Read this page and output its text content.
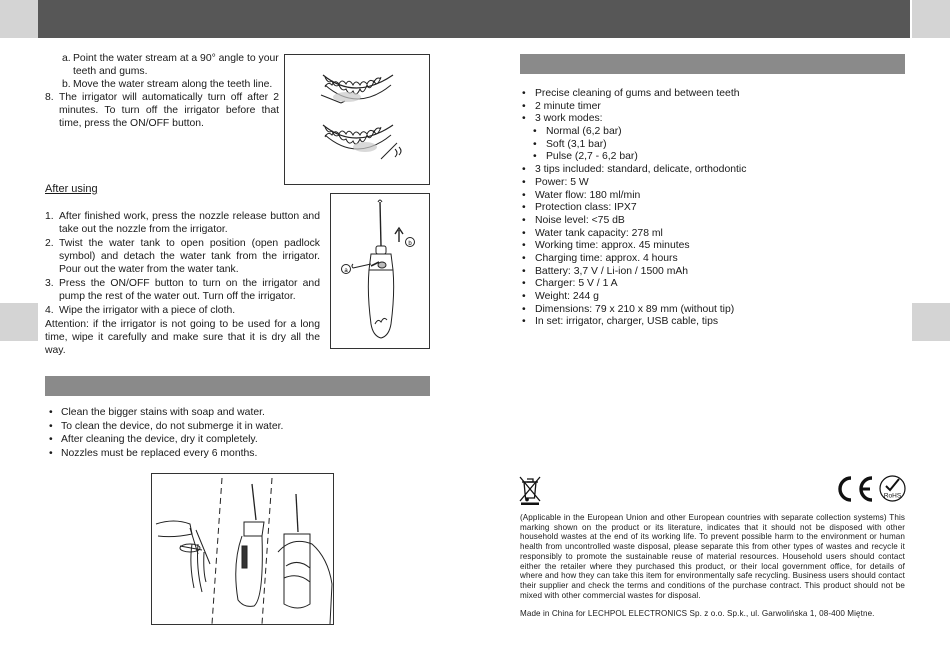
a. Point the water stream at a 90° angle to your teeth and gums.
b. Move the water stream along the teeth line.
8. The irrigator will automatically turn off after 2 minutes. To turn off the irrigator before that time, press the ON/OFF button.
After using
1. After finished work, press the nozzle release button and take out the nozzle from the irrigator.
2. Twist the water tank to open position (open padlock symbol) and detach the water tank from the irrigator. Pour out the water from the water tank.
3. Press the ON/OFF button to turn on the irrigator and pump the rest of the water out. Turn off the irrigator.
4. Wipe the irrigator with a piece of cloth.
Attention: if the irrigator is not going to be used for a long time, wipe it carefully and make sure that it is dry all the way.
b
a
• Clean the bigger stains with soap and water.
• To clean the device, do not submerge it in water.
• After cleaning the device, dry it completely.
• Nozzles must be replaced every 6 months.
• Precise cleaning of gums and between teeth
• 2 minute timer
• 3 work modes:
• Normal (6,2 bar)
• Soft (3,1 bar)
• Pulse (2,7 - 6,2 bar)
• 3 tips included: standard, delicate, orthodontic
• Power: 5 W
• Water flow: 180 ml/min
• Protection class: IPX7
• Noise level: <75 dB
• Water tank capacity: 278 ml
• Working time: approx. 45 minutes
• Charging time: approx. 4 hours
• Battery: 3,7 V / Li-ion / 1500 mAh
• Charger: 5 V / 1 A
• Weight: 244 g
• Dimensions: 79 x 210 x 89 mm (without tip)
• In set: irrigator, charger, USB cable, tips
RoHS
(Applicable in the European Union and other European countries with separate collection systems) This marking shown on the product or its literature, indicates that it should not be disposed with other household wastes at the end of its working life. To prevent possible harm to the environment or human health from uncontrolled waste disposal, please separate this from other types of wastes and recycle it responsibly to promote the sustainable reuse of material resources. Household users should contact either the retailer where they purchased this product, or their local government office, for details of where and how they can take this item for environmentally safe recycling. Business users should contact their supplier and check the terms and conditions of the purchase contract. This product should not be mixed with other commercial wastes for disposal.
Made in China for LECHPOL ELECTRONICS Sp. z o.o. Sp.k., ul. Garwolińska 1, 08-400 Miętne.
